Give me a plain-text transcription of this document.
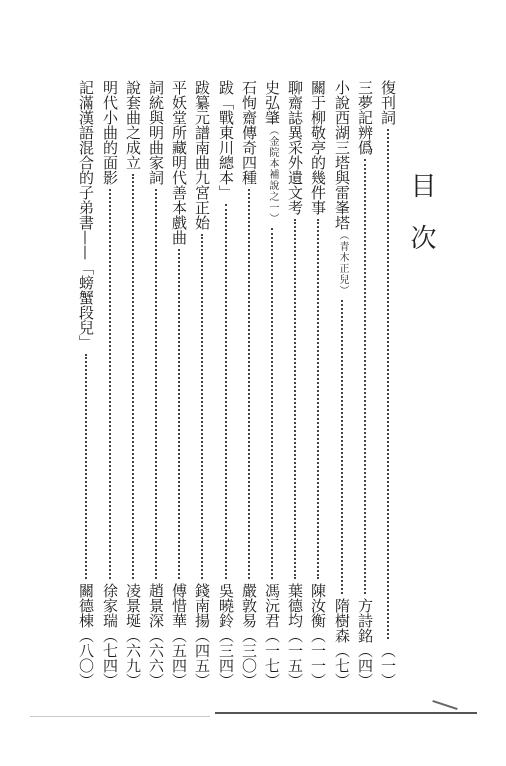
目次
復刊詞
（一）
三夢記辨僞
方詩銘
（四）
小說西湖三塔與雷峯塔
（青木正兒）
隋樹森
（七）
關于柳敬亭的幾件事
陳汝衡
（一一）
聊齋誌異采外遺文考
葉德均
（一五）
史弘肇
（金院本補說之一）
馮沅君
（一七）
石恂齋傳奇四種
嚴敦易
（三〇）
跋「戰東川總本」
吳曉鈴
（三四）
跋纂元譜南曲九宮正始
錢南揚
（四五）
平妖堂所藏明代善本戲曲
傅惜華
（五四）
詞統與明曲家詞
趙景深
（六六）
說套曲之成立
凌景埏
（六九）
明代小曲的面影
徐家瑞
（七四）
記滿漢語混合的子弟書——「螃蟹段兒」
關德棟
（八〇）
